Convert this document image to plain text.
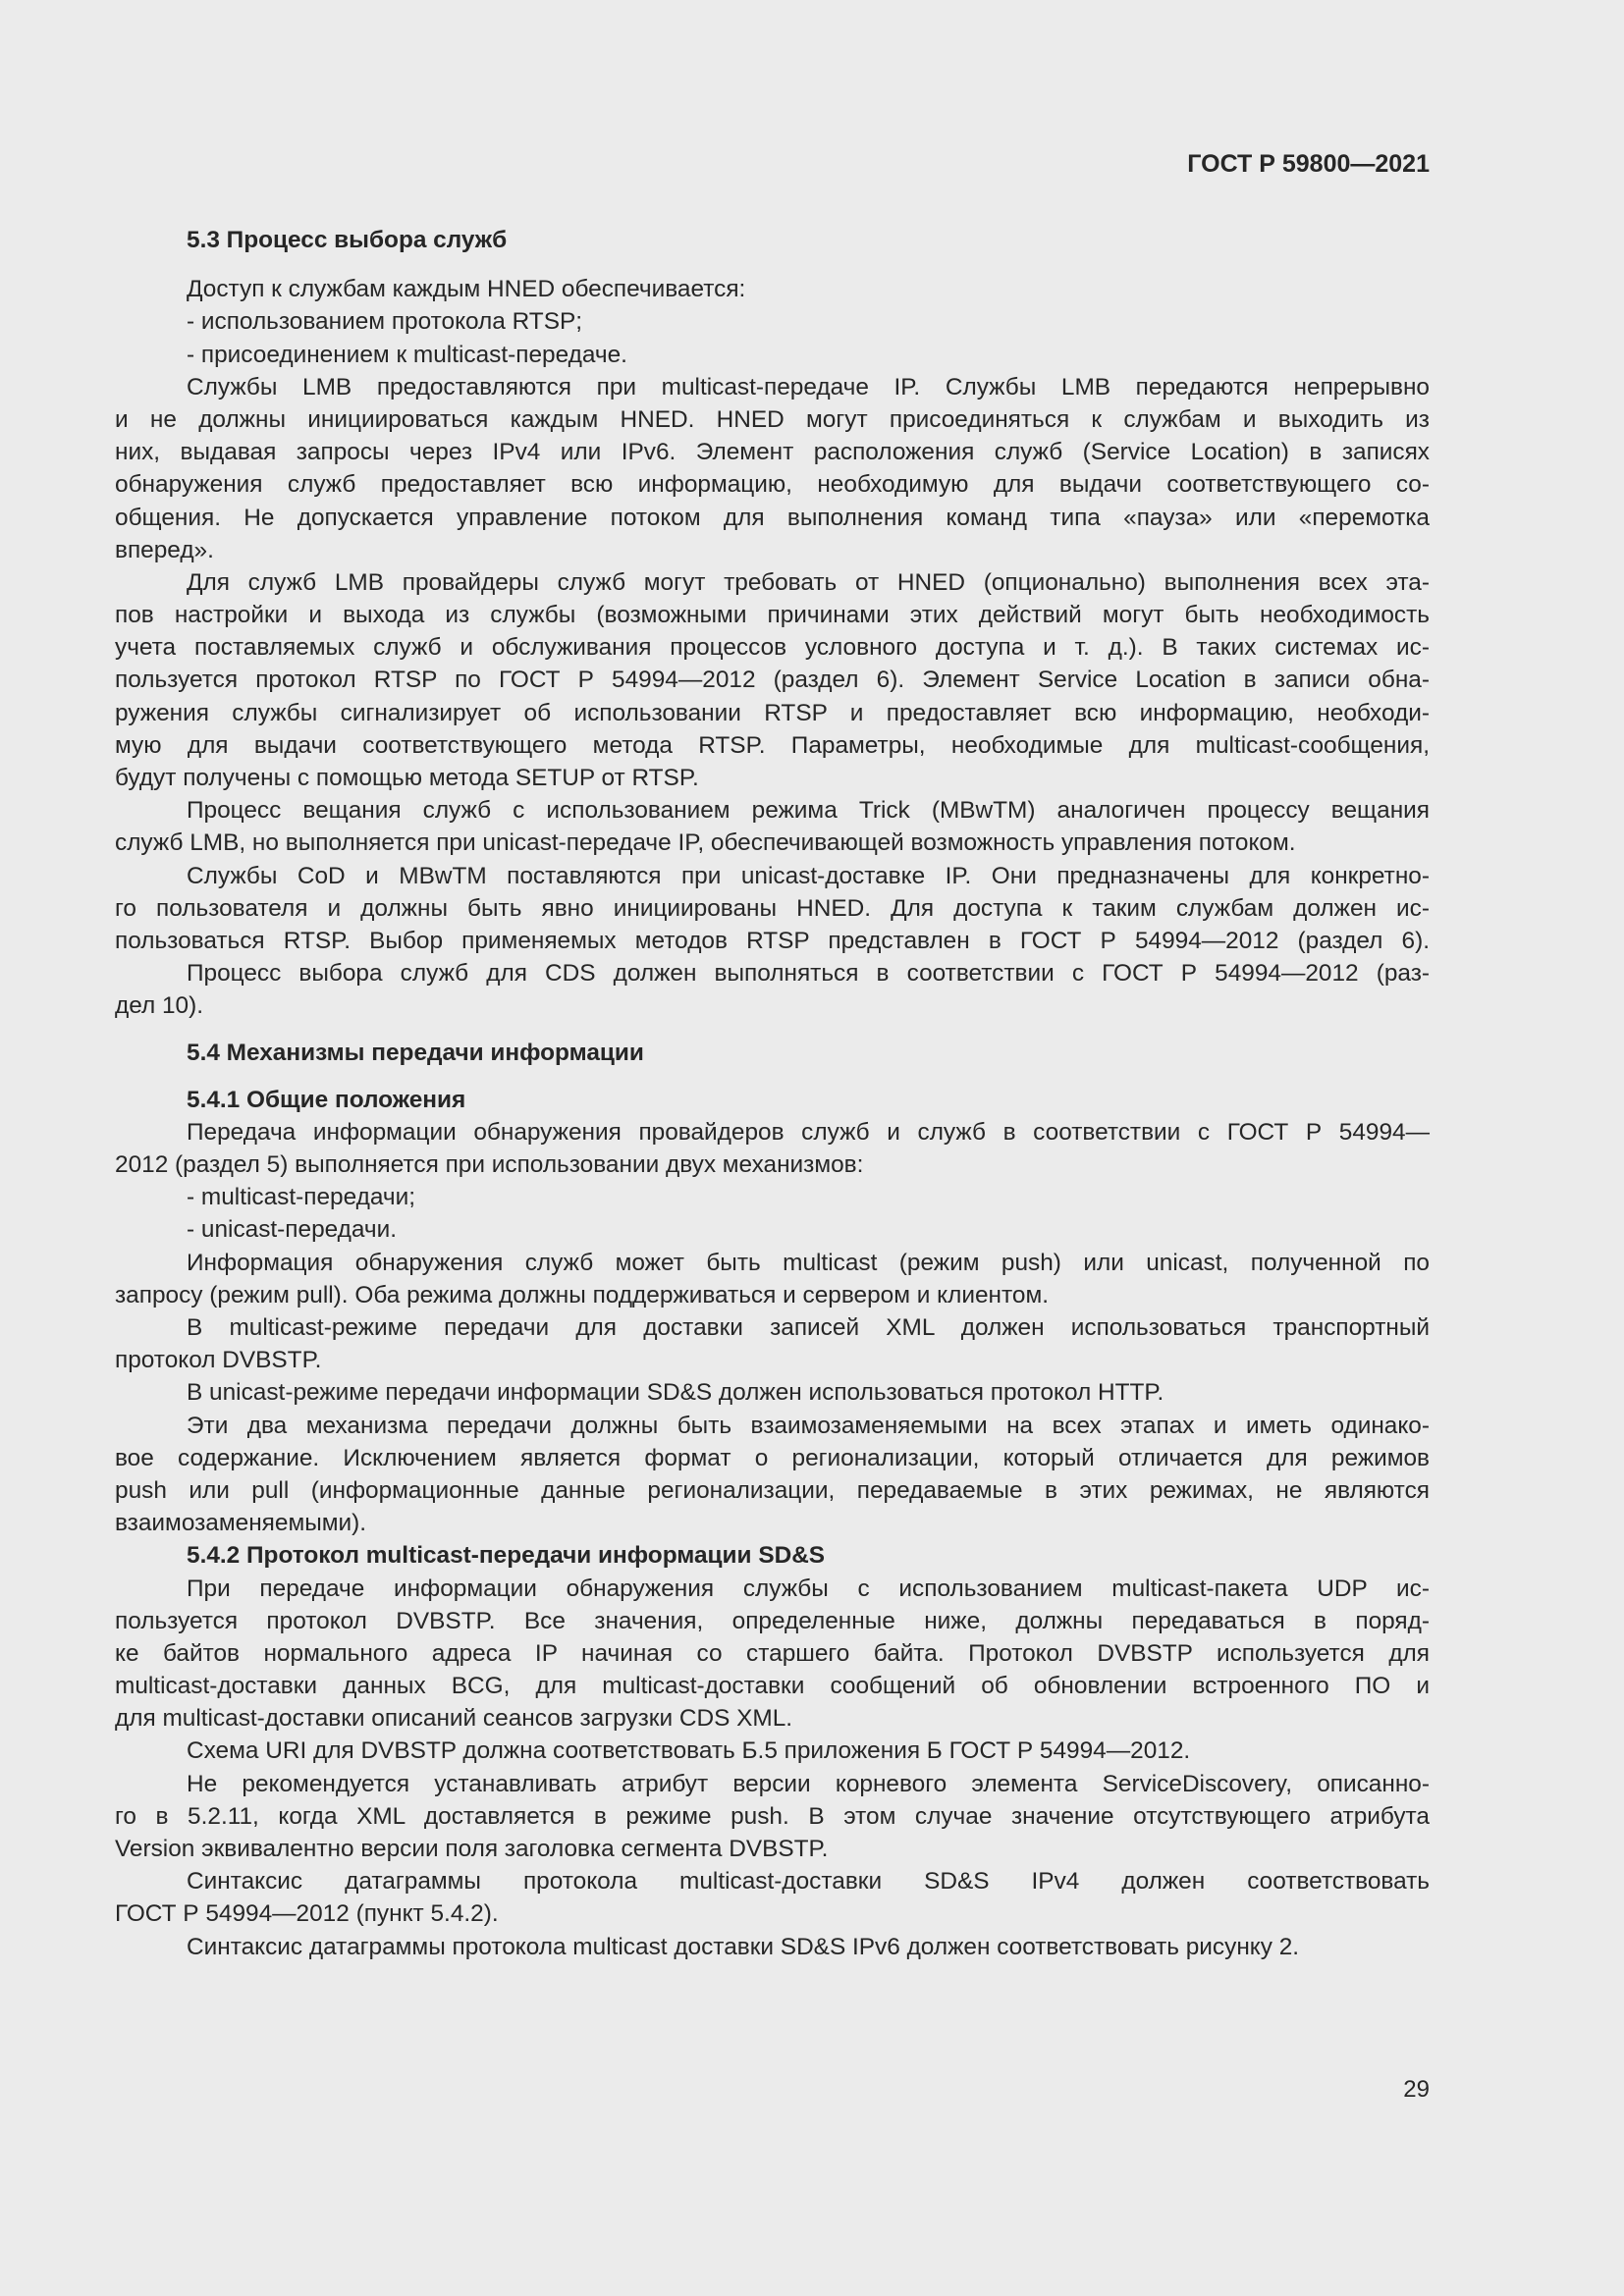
ГОСТ Р 59800—2021
5.3 Процесс выбора служб
Доступ к службам каждым HNED обеспечивается:
- использованием протокола RTSP;
- присоединением к multicast-передаче.
Службы LMB предоставляются при multicast-передаче IP. Службы LMB передаются непрерывно
и не должны инициироваться каждым HNED. HNED могут присоединяться к службам и выходить из
них, выдавая запросы через IPv4 или IPv6. Элемент расположения служб (Service Location) в записях
обнаружения служб предоставляет всю информацию, необходимую для выдачи соответствующего со-
общения. Не допускается управление потоком для выполнения команд типа «пауза» или «перемотка
вперед».
Для служб LMB провайдеры служб могут требовать от HNED (опционально) выполнения всех эта-
пов настройки и выхода из службы (возможными причинами этих действий могут быть необходимость
учета поставляемых служб и обслуживания процессов условного доступа и т. д.). В таких системах ис-
пользуется протокол RTSP по ГОСТ Р 54994—2012 (раздел 6). Элемент Service Location в записи обна-
ружения службы сигнализирует об использовании RTSP и предоставляет всю информацию, необходи-
мую для выдачи соответствующего метода RTSP. Параметры, необходимые для multicast-сообщения,
будут получены с помощью метода SETUP от RTSP.
Процесс вещания служб с использованием режима Trick (MBwTM) аналогичен процессу вещания
служб LMB, но выполняется при unicast-передаче IP, обеспечивающей возможность управления потоком.
Службы CoD и MBwTM поставляются при unicast-доставке IP. Они предназначены для конкретно-
го пользователя и должны быть явно инициированы HNED. Для доступа к таким службам должен ис-
пользоваться RTSP. Выбор применяемых методов RTSP представлен в ГОСТ Р 54994—2012 (раздел 6).
Процесс выбора служб для CDS должен выполняться в соответствии с ГОСТ Р 54994—2012 (раз-
дел 10).
5.4 Механизмы передачи информации
5.4.1 Общие положения
Передача информации обнаружения провайдеров служб и служб в соответствии с ГОСТ Р 54994—
2012 (раздел 5) выполняется при использовании двух механизмов:
- multicast-передачи;
- unicast-передачи.
Информация обнаружения служб может быть multicast (режим push) или unicast, полученной по
запросу (режим pull). Оба режима должны поддерживаться и сервером и клиентом.
В multicast-режиме передачи для доставки записей XML должен использоваться транспортный
протокол DVBSTP.
В unicast-режиме передачи информации SD&S должен использоваться протокол HTTP.
Эти два механизма передачи должны быть взаимозаменяемыми на всех этапах и иметь одинако-
вое содержание. Исключением является формат о регионализации, который отличается для режимов
push или pull (информационные данные регионализации, передаваемые в этих режимах, не являются
взаимозаменяемыми).
5.4.2 Протокол multicast-передачи информации SD&S
При передаче информации обнаружения службы с использованием multicast-пакета UDP ис-
пользуется протокол DVBSTP. Все значения, определенные ниже, должны передаваться в поряд-
ке байтов нормального адреса IP начиная со старшего байта. Протокол DVBSTP используется для
multicast-доставки данных BCG, для multicast-доставки сообщений об обновлении встроенного ПО и
для multicast-доставки описаний сеансов загрузки CDS XML.
Схема URI для DVBSTP должна соответствовать Б.5 приложения Б ГОСТ Р 54994—2012.
Не рекомендуется устанавливать атрибут версии корневого элемента ServiceDiscovery, описанно-
го в 5.2.11, когда XML доставляется в режиме push. В этом случае значение отсутствующего атрибута
Version эквивалентно версии поля заголовка сегмента DVBSTP.
Синтаксис датаграммы протокола multicast-доставки SD&S IPv4 должен соответствовать
ГОСТ Р 54994—2012 (пункт 5.4.2).
Синтаксис датаграммы протокола multicast доставки SD&S IPv6 должен соответствовать рисунку 2.
29
